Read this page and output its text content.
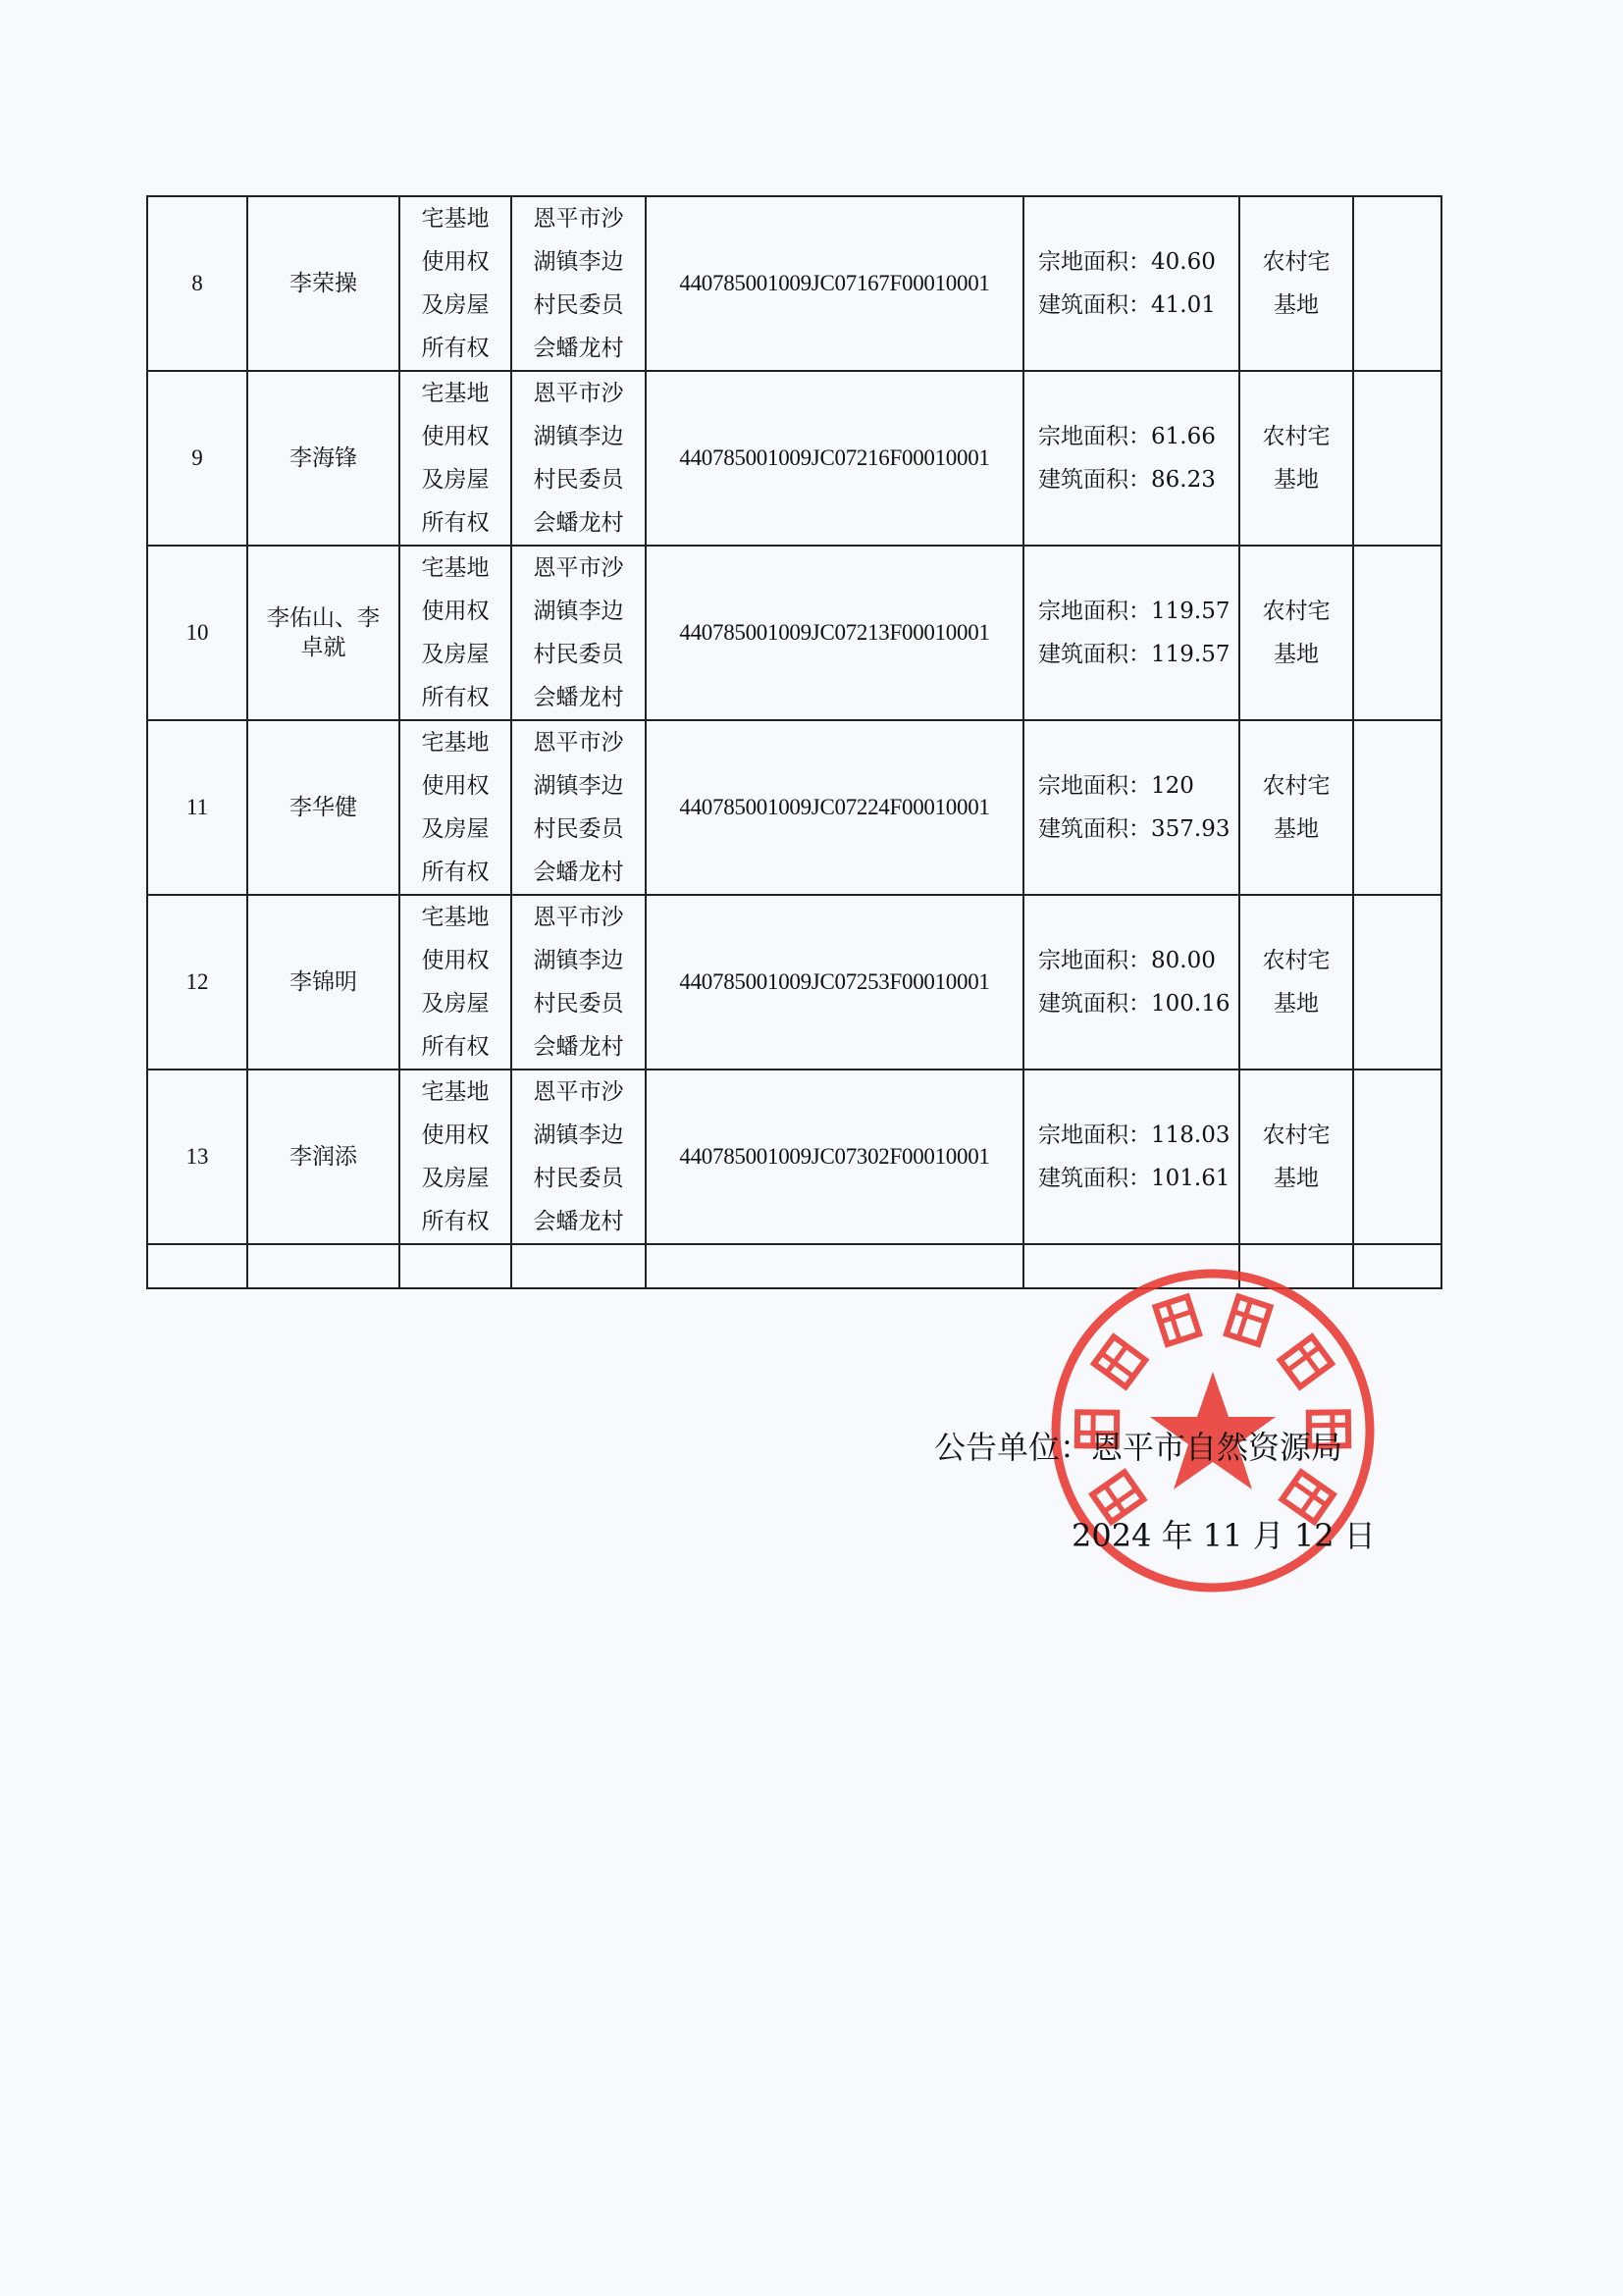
8	李荣操	宅基地
使用权
及房屋
所有权	恩平市沙
湖镇李边
村民委员
会蟠龙村	440785001009JC07167F00010001	宗地面积：40.60
建筑面积：41.01	农村宅
基地	

9	李海锋	宅基地
使用权
及房屋
所有权	恩平市沙
湖镇李边
村民委员
会蟠龙村	440785001009JC07216F00010001	宗地面积：61.66
建筑面积：86.23	农村宅
基地	

10	李佑山、李卓就	宅基地
使用权
及房屋
所有权	恩平市沙
湖镇李边
村民委员
会蟠龙村	440785001009JC07213F00010001	宗地面积：119.57
建筑面积：119.57	农村宅
基地	

11	李华健	宅基地
使用权
及房屋
所有权	恩平市沙
湖镇李边
村民委员
会蟠龙村	440785001009JC07224F00010001	宗地面积：120
建筑面积：357.93	农村宅
基地	

12	李锦明	宅基地
使用权
及房屋
所有权	恩平市沙
湖镇李边
村民委员
会蟠龙村	440785001009JC07253F00010001	宗地面积：80.00
建筑面积：100.16	农村宅
基地	

13	李润添	宅基地
使用权
及房屋
所有权	恩平市沙
湖镇李边
村民委员
会蟠龙村	440785001009JC07302F00010001	宗地面积：118.03
建筑面积：101.61	农村宅
基地	

公告单位：恩平市自然资源局
2024 年 11 月 12 日
